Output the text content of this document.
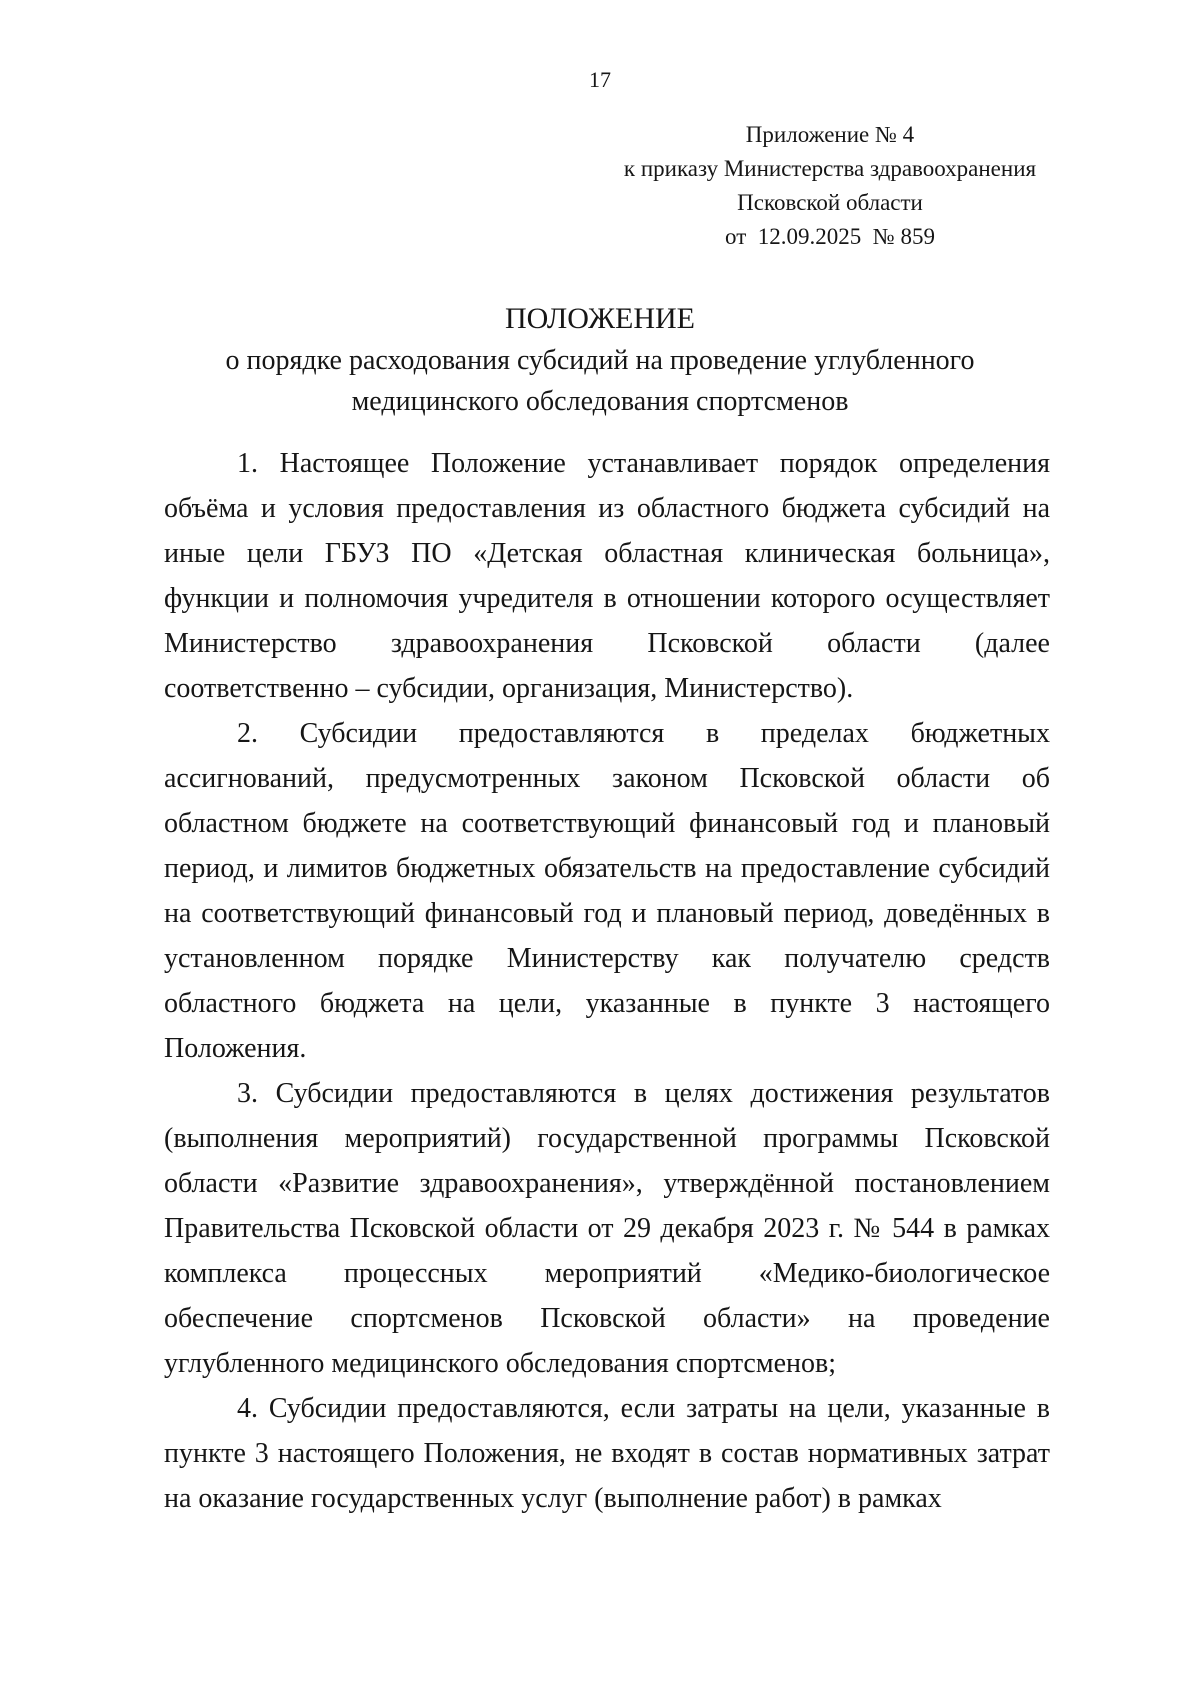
17
Приложение № 4
к приказу Министерства здравоохранения
Псковской области
от  12.09.2025  № 859
ПОЛОЖЕНИЕ
о порядке расходования субсидий на проведение углубленного
медицинского обследования спортсменов

1. Настоящее Положение устанавливает порядок определения объёма и условия предоставления из областного бюджета субсидий на иные цели ГБУЗ ПО «Детская областная клиническая больница», функции и полномочия учредителя в отношении которого осуществляет Министерство здравоохранения Псковской области (далее соответственно – субсидии, организация, Министерство).

2. Субсидии предоставляются в пределах бюджетных ассигнований, предусмотренных законом Псковской области об областном бюджете на соответствующий финансовый год и плановый период, и лимитов бюджетных обязательств на предоставление субсидий на соответствующий финансовый год и плановый период, доведённых в установленном порядке Министерству как получателю средств областного бюджета на цели, указанные в пункте 3 настоящего Положения.

3. Субсидии предоставляются в целях достижения результатов (выполнения мероприятий) государственной программы Псковской области «Развитие здравоохранения», утверждённой постановлением Правительства Псковской области от 29 декабря 2023 г. № 544 в рамках комплекса процессных мероприятий «Медико-биологическое обеспечение спортсменов Псковской области» на проведение углубленного медицинского обследования спортсменов;

4. Субсидии предоставляются, если затраты на цели, указанные в пункте 3 настоящего Положения, не входят в состав нормативных затрат на оказание государственных услуг (выполнение работ) в рамках
